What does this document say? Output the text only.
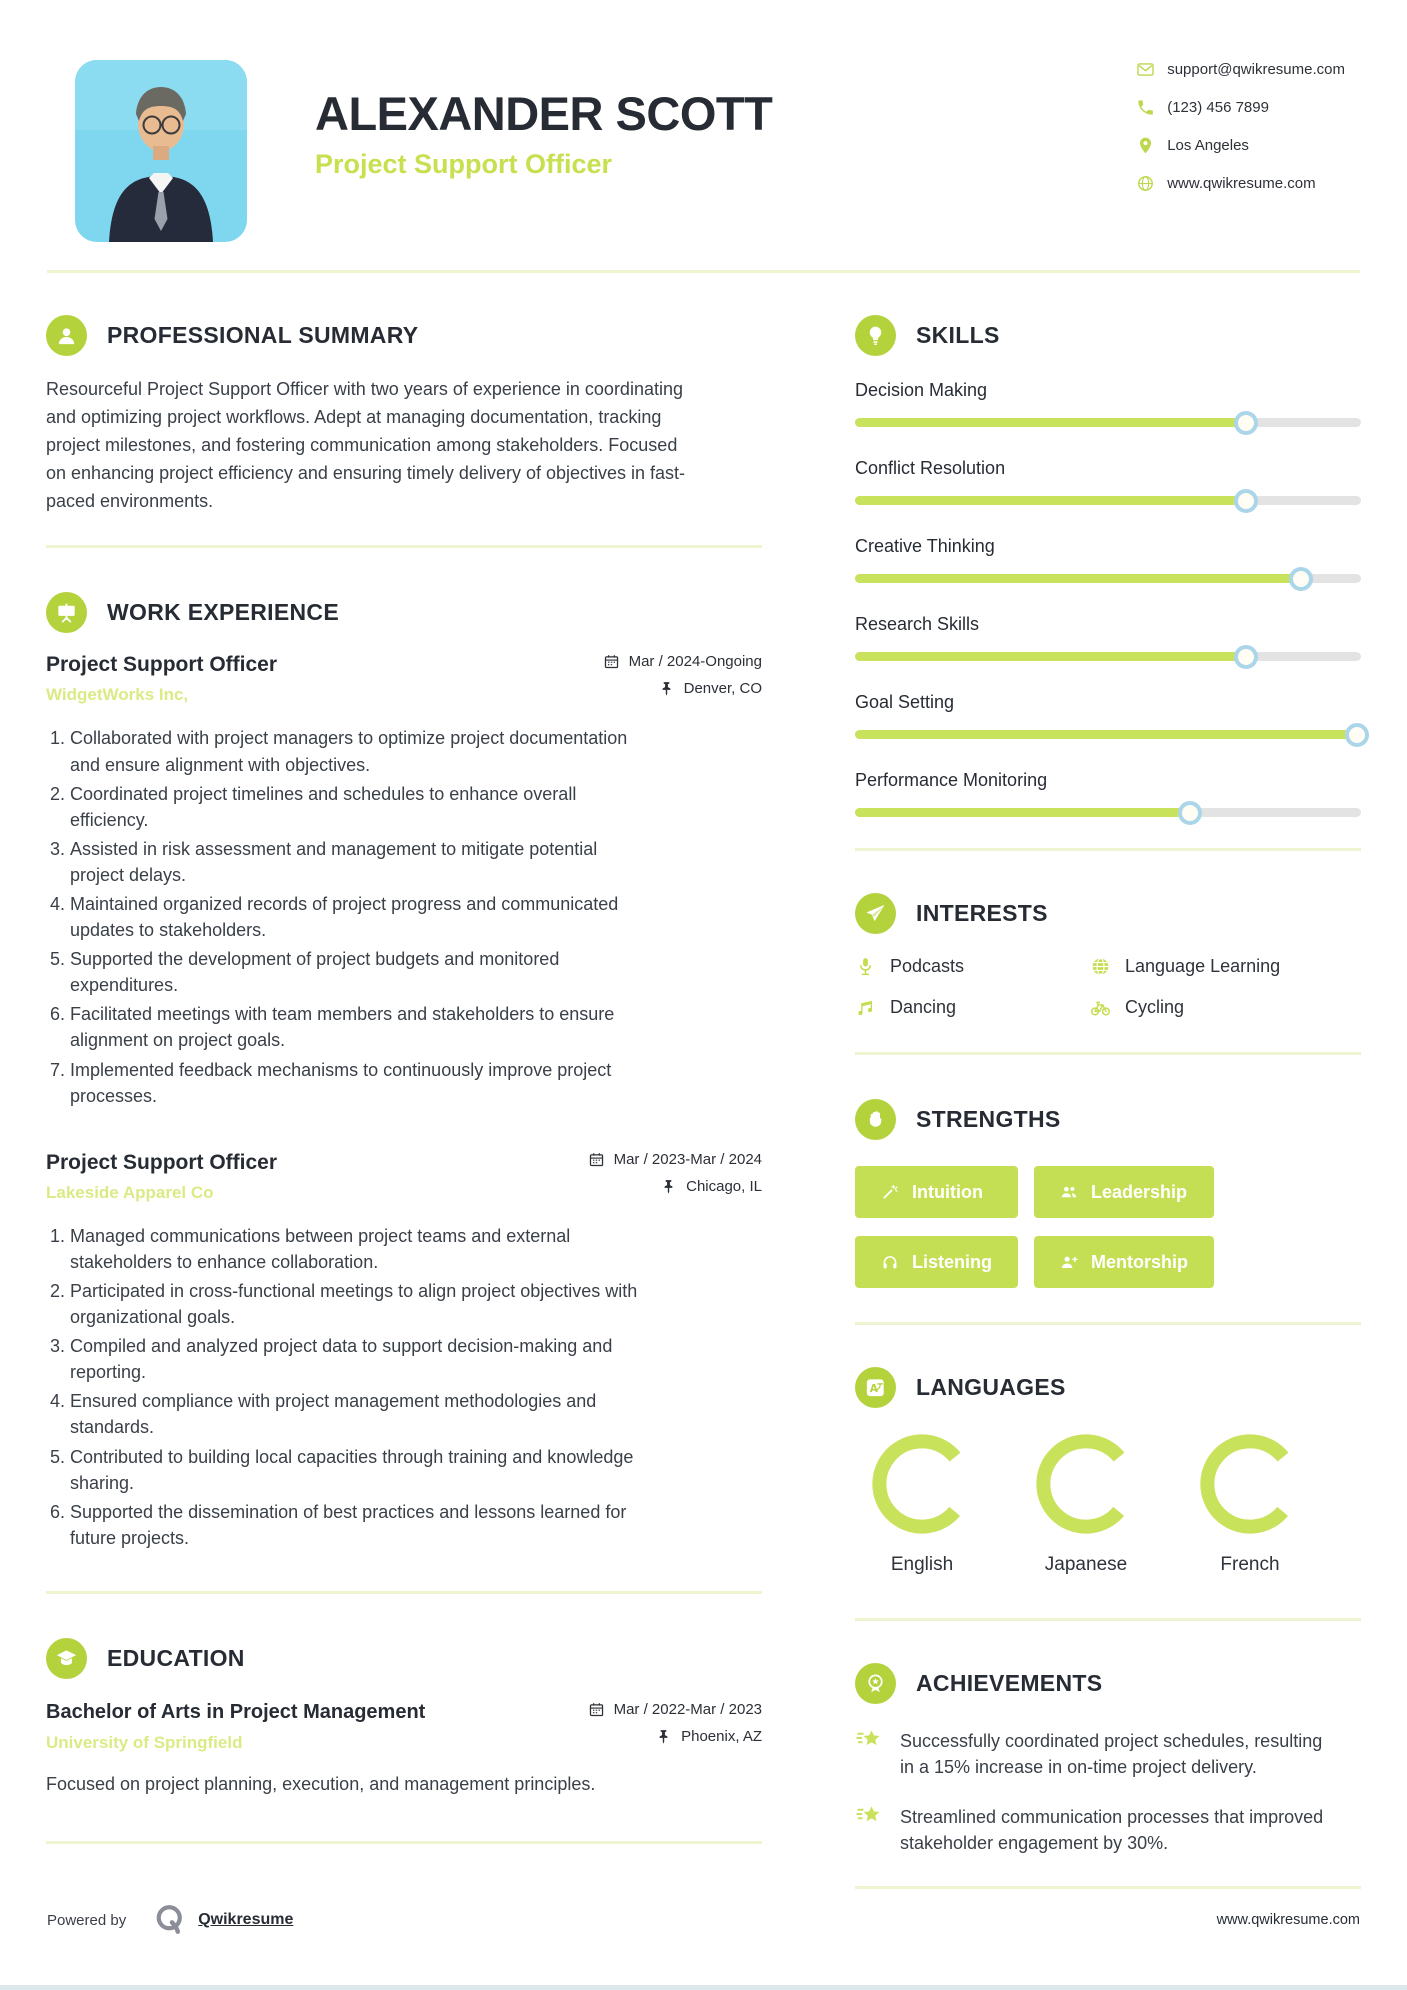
ALEXANDER SCOTT
Project Support Officer
support@qwikresume.com
(123) 456 7899
Los Angeles
www.qwikresume.com
PROFESSIONAL SUMMARY

Resourceful Project Support Officer with two years of experience in coordinating and optimizing project workflows. Adept at managing documentation, tracking project milestones, and fostering communication among stakeholders. Focused on enhancing project efficiency and ensuring timely delivery of objectives in fast-paced environments.

WORK EXPERIENCE
Project Support Officer
WidgetWorks Inc,
Mar / 2024-Ongoing
Denver, CO
1. Collaborated with project managers to optimize project documentation and ensure alignment with objectives.
2. Coordinated project timelines and schedules to enhance overall efficiency.
3. Assisted in risk assessment and management to mitigate potential project delays.
4. Maintained organized records of project progress and communicated updates to stakeholders.
5. Supported the development of project budgets and monitored expenditures.
6. Facilitated meetings with team members and stakeholders to ensure alignment on project goals.
7. Implemented feedback mechanisms to continuously improve project processes.
Project Support Officer
Lakeside Apparel Co
Mar / 2023-Mar / 2024
Chicago, IL
1. Managed communications between project teams and external stakeholders to enhance collaboration.
2. Participated in cross-functional meetings to align project objectives with organizational goals.
3. Compiled and analyzed project data to support decision-making and reporting.
4. Ensured compliance with project management methodologies and standards.
5. Contributed to building local capacities through training and knowledge sharing.
6. Supported the dissemination of best practices and lessons learned for future projects.
EDUCATION
Bachelor of Arts in Project Management
University of Springfield
Mar / 2022-Mar / 2023
Phoenix, AZ

Focused on project planning, execution, and management principles.

SKILLS
Decision Making
Conflict Resolution
Creative Thinking
Research Skills
Goal Setting
Performance Monitoring
INTERESTS
Podcasts	Language Learning
Dancing	Cycling
STRENGTHS
Intuition	Leadership
Listening	Mentorship
A LANGUAGES
English	Japanese	French
ACHIEVEMENTS
Successfully coordinated project schedules, resulting in a 15% increase in on-time project delivery.
Streamlined communication processes that improved stakeholder engagement by 30%.
Powered by	Qwikresume	www.qwikresume.com
